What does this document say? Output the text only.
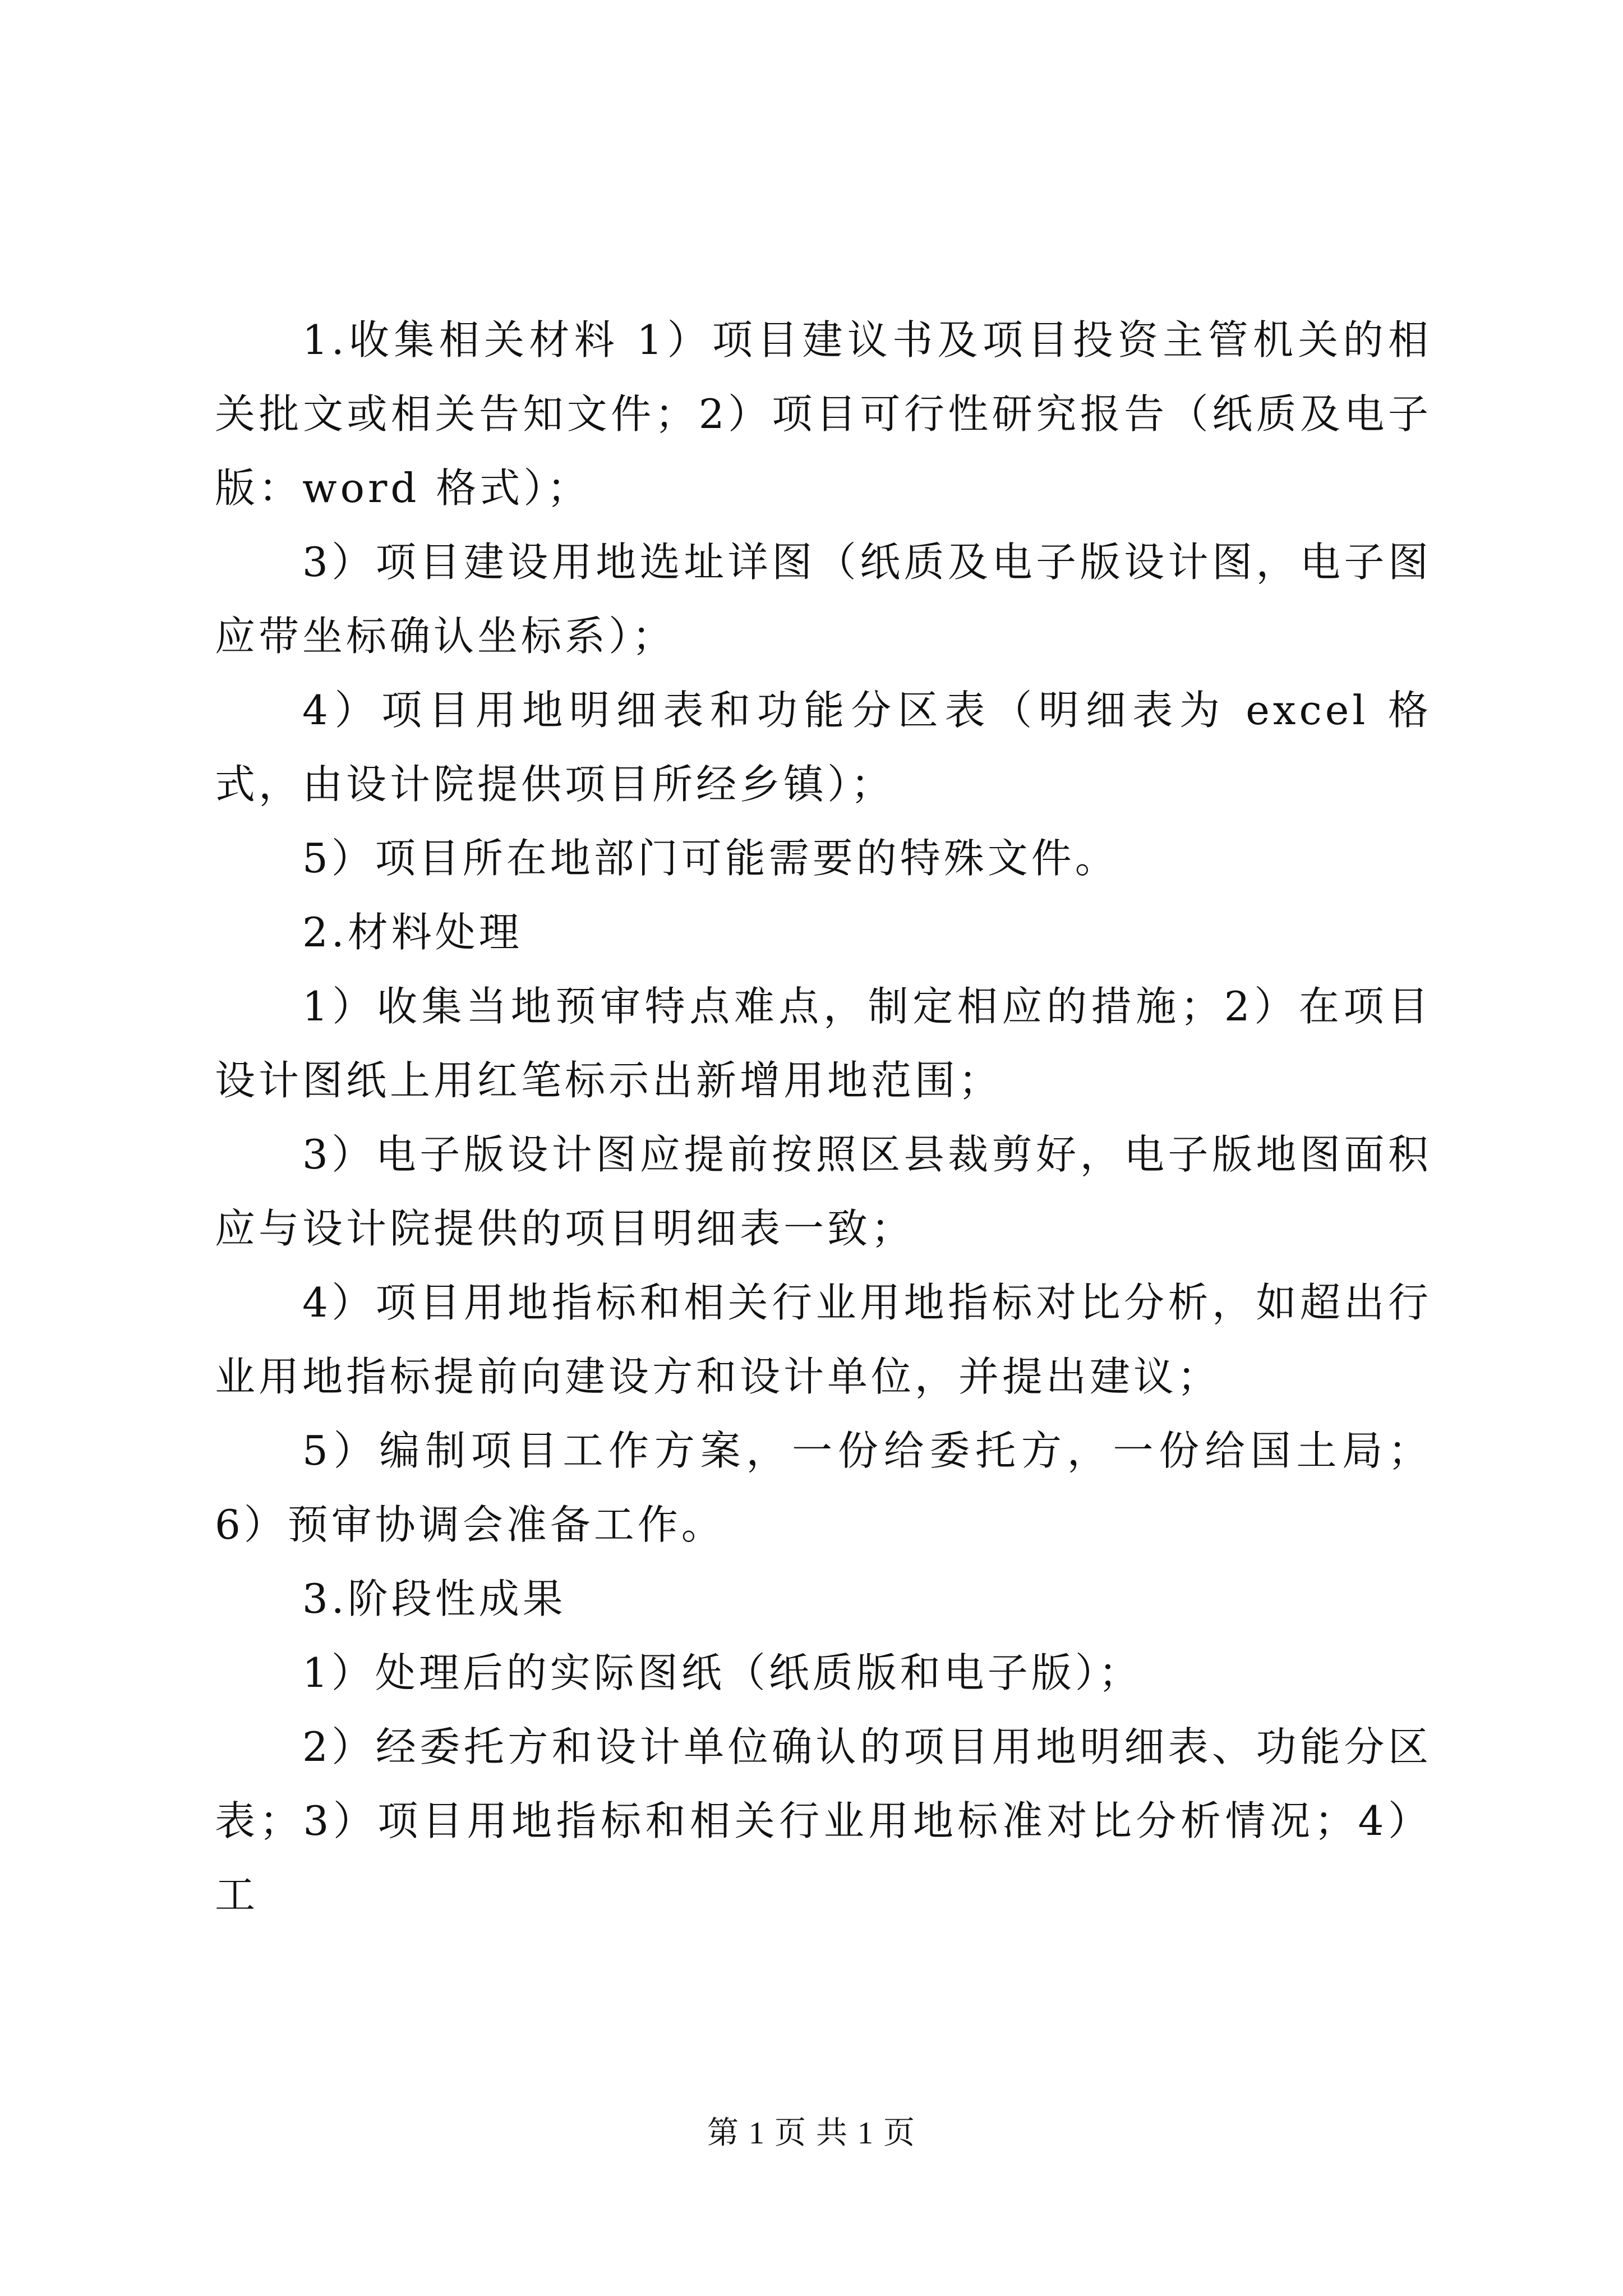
1.收集相关材料 1）项目建议书及项目投资主管机关的相关批文或相关告知文件；2）项目可行性研究报告（纸质及电子版：word 格式）；

3）项目建设用地选址详图（纸质及电子版设计图，电子图应带坐标确认坐标系）；

4）项目用地明细表和功能分区表（明细表为 excel 格式，由设计院提供项目所经乡镇）；

5）项目所在地部门可能需要的特殊文件。

2.材料处理

1）收集当地预审特点难点，制定相应的措施；2）在项目设计图纸上用红笔标示出新增用地范围；

3）电子版设计图应提前按照区县裁剪好，电子版地图面积应与设计院提供的项目明细表一致；

4）项目用地指标和相关行业用地指标对比分析，如超出行业用地指标提前向建设方和设计单位，并提出建议；

5）编制项目工作方案，一份给委托方，一份给国土局；6）预审协调会准备工作。

3.阶段性成果

1）处理后的实际图纸（纸质版和电子版）；

2）经委托方和设计单位确认的项目用地明细表、功能分区表；3）项目用地指标和相关行业用地标准对比分析情况；4）工

第 1 页 共 1 页
